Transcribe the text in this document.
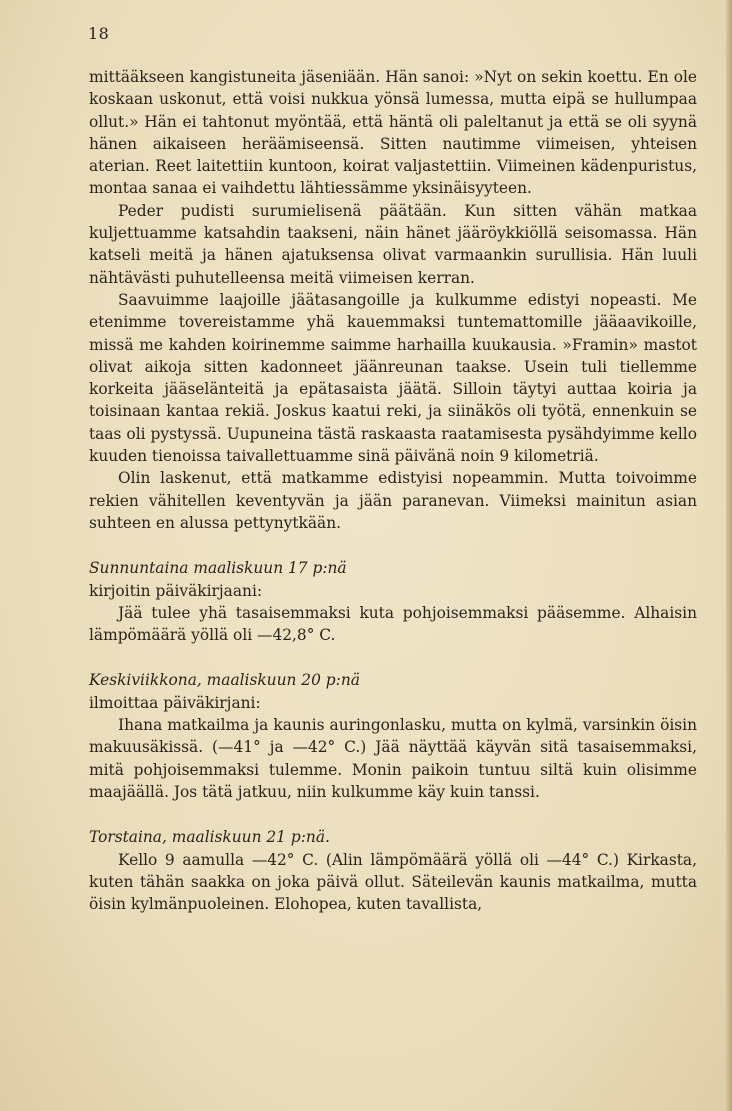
18

mittääkseen kangistuneita jäseniään. Hän sanoi: »Nyt on sekin koettu. En ole koskaan uskonut, että voisi nukkua yönsä lumessa, mutta eipä se hullumpaa ollut.» Hän ei tahtonut myöntää, että häntä oli paleltanut ja että se oli syynä hänen aikaiseen heräämiseensä. Sitten nautimme viimeisen, yhteisen aterian. Reet laitettiin kuntoon, koirat valjastettiin. Viimeinen kädenpuristus, montaa sanaa ei vaihdettu lähtiessämme yksinäisyyteen.

Peder pudisti surumielisenä päätään. Kun sitten vähän matkaa kuljettuamme katsahdin taakseni, näin hänet jääröykkiöllä seisomassa. Hän katseli meitä ja hänen ajatuksensa olivat varmaankin surullisia. Hän luuli nähtävästi puhutelleensa meitä viimeisen kerran.

Saavuimme laajoille jäätasangoille ja kulkumme edistyi nopeasti. Me etenimme tovereistamme yhä kauemmaksi tuntemattomille jääaavikoille, missä me kahden koirinemme saimme harhailla kuukausia. »Framin» mastot olivat aikoja sitten kadonneet jäänreunan taakse. Usein tuli tiellemme korkeita jääselänteitä ja epätasaista jäätä. Silloin täytyi auttaa koiria ja toisinaan kantaa rekiä. Joskus kaatui reki, ja siinäkös oli työtä, ennenkuin se taas oli pystyssä. Uupuneina tästä raskaasta raatamisesta pysähdyimme kello kuuden tienoissa taivallettuamme sinä päivänä noin 9 kilometriä.

Olin laskenut, että matkamme edistyisi nopeammin. Mutta toivoimme rekien vähitellen keventyvän ja jään paranevan. Viimeksi mainitun asian suhteen en alussa pettynytkään.

Sunnuntaina maaliskuun 17 p:nä

kirjoitin päiväkirjaani:

Jää tulee yhä tasaisemmaksi kuta pohjoisemmaksi pääsemme. Alhaisin lämpömäärä yöllä oli —42,8° C.

Keskiviikkona, maaliskuun 20 p:nä

ilmoittaa päiväkirjani:

Ihana matkailma ja kaunis auringonlasku, mutta on kylmä, varsinkin öisin makuusäkissä. (—41° ja —42° C.) Jää näyttää käyvän sitä tasaisemmaksi, mitä pohjoisemmaksi tulemme. Monin paikoin tuntuu siltä kuin olisimme maajäällä. Jos tätä jatkuu, niin kulkumme käy kuin tanssi.

Torstaina, maaliskuun 21 p:nä.

Kello 9 aamulla —42° C. (Alin lämpömäärä yöllä oli —44° C.) Kirkasta, kuten tähän saakka on joka päivä ollut. Säteilevän kaunis matkailma, mutta öisin kylmänpuoleinen. Elohopea, kuten tavallista,
